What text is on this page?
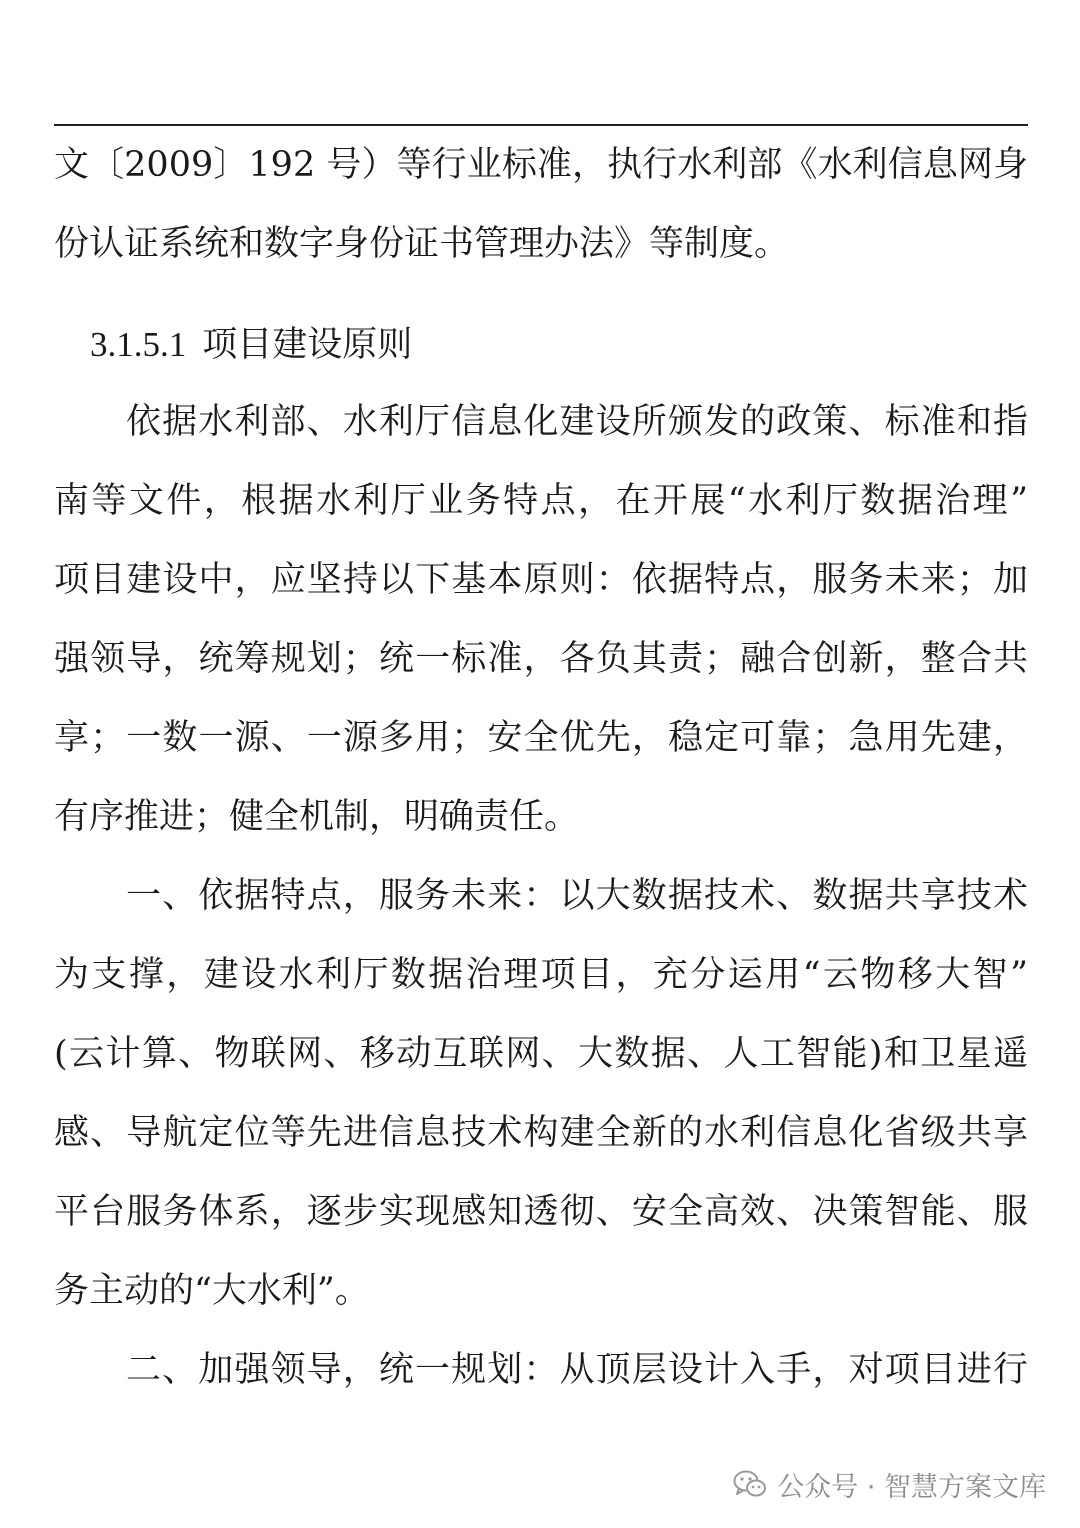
文〔2009〕192 号）等行业标准，执行水利部《水利信息网身
份认证系统和数字身份证书管理办法》等制度。
3.1.5.1 项目建设原则
依据水利部、水利厅信息化建设所颁发的政策、标准和指
南等文件，根据水利厅业务特点，在开展“水利厅数据治理”
项目建设中，应坚持以下基本原则：依据特点，服务未来；加
强领导，统筹规划；统一标准，各负其责；融合创新，整合共
享；一数一源、一源多用；安全优先，稳定可靠；急用先建，
有序推进；健全机制，明确责任。
一、依据特点，服务未来：以大数据技术、数据共享技术
为支撑，建设水利厅数据治理项目，充分运用“云物移大智”
(云计算、物联网、移动互联网、大数据、人工智能)和卫星遥
感、导航定位等先进信息技术构建全新的水利信息化省级共享
平台服务体系，逐步实现感知透彻、安全高效、决策智能、服
务主动的“大水利”。
二、加强领导，统一规划：从顶层设计入手，对项目进行
公众号 · 智慧方案文库
